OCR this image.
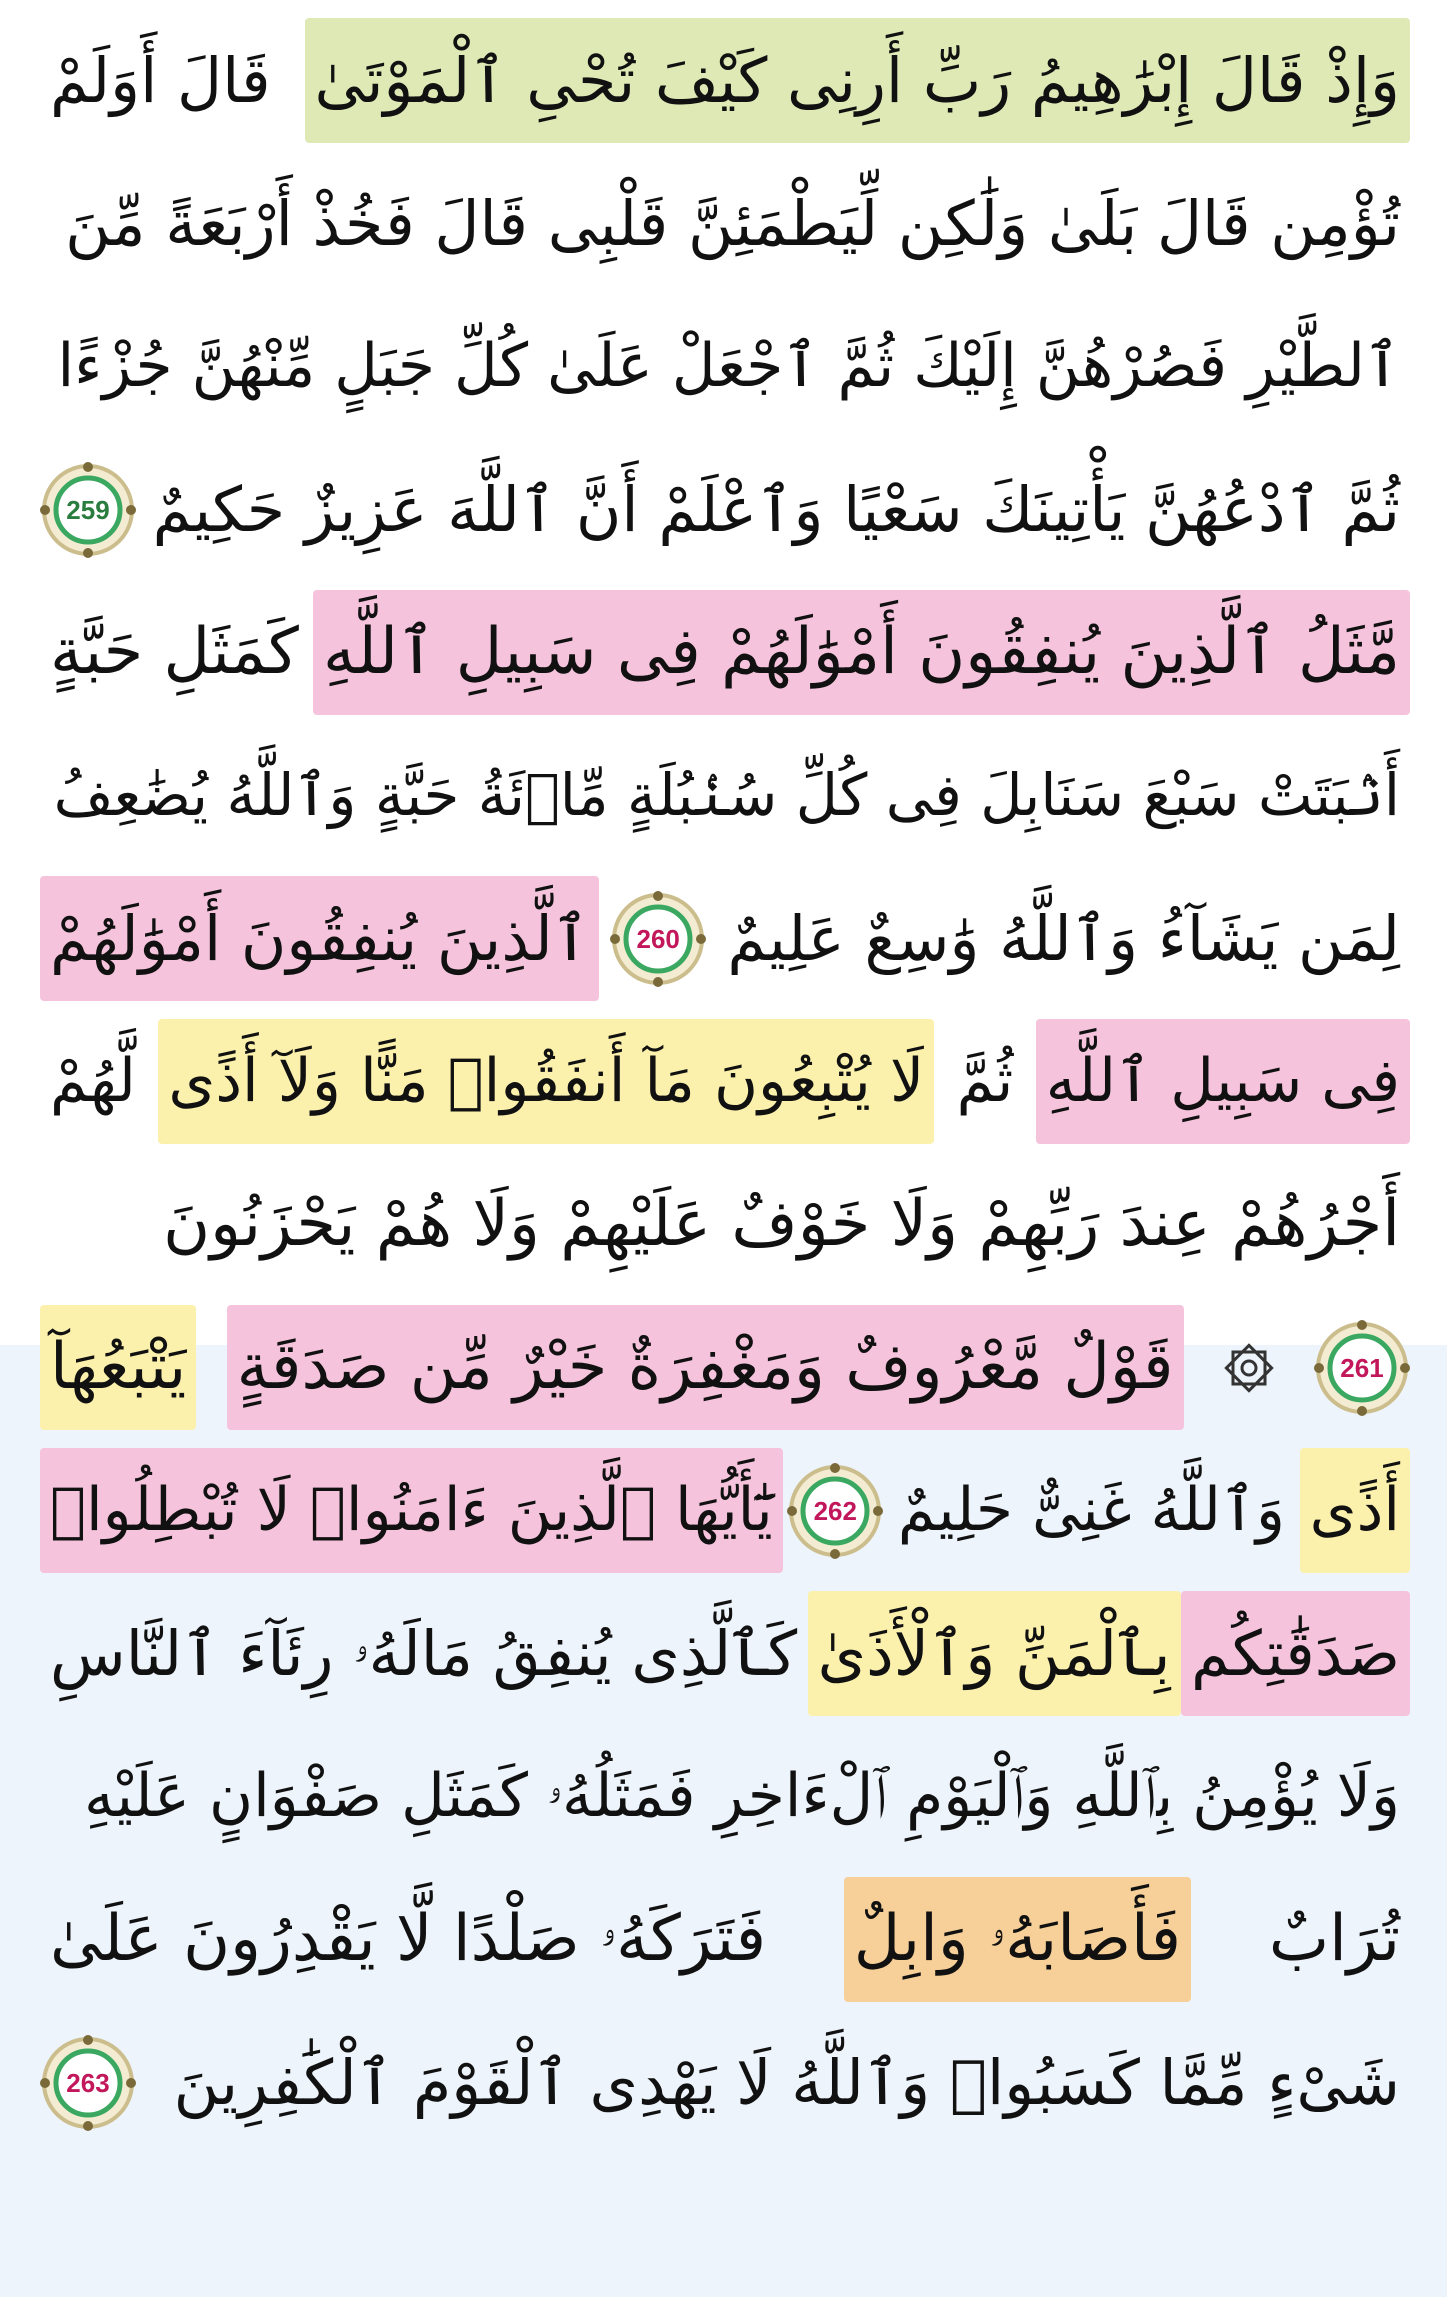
وَإِذْ قَالَ إِبْرَٰهِيمُ رَبِّ أَرِنِى كَيْفَ تُحْىِ ٱلْمَوْتَىٰ
قَالَ أَوَلَمْ
تُؤْمِن قَالَ بَلَىٰ وَلَٰكِن لِّيَطْمَئِنَّ قَلْبِى قَالَ فَخُذْ أَرْبَعَةً مِّنَ
ٱلطَّيْرِ فَصُرْهُنَّ إِلَيْكَ ثُمَّ ٱجْعَلْ عَلَىٰ كُلِّ جَبَلٍ مِّنْهُنَّ جُزْءًا
ثُمَّ ٱدْعُهُنَّ يَأْتِينَكَ سَعْيًا وَٱعْلَمْ أَنَّ ٱللَّهَ عَزِيزٌ حَكِيمٌ
259
مَّثَلُ ٱلَّذِينَ يُنفِقُونَ أَمْوَٰلَهُمْ فِى سَبِيلِ ٱللَّهِ
كَمَثَلِ حَبَّةٍ
أَنۢبَتَتْ سَبْعَ سَنَابِلَ فِى كُلِّ سُنۢبُلَةٍ مِّا۟ئَةُ حَبَّةٍ وَٱللَّهُ يُضَٰعِفُ
لِمَن يَشَآءُ وَٱللَّهُ وَٰسِعٌ عَلِيمٌ
260
ٱلَّذِينَ يُنفِقُونَ أَمْوَٰلَهُمْ
فِى سَبِيلِ ٱللَّهِ
ثُمَّ
لَا يُتْبِعُونَ مَآ أَنفَقُوا۟ مَنًّا وَلَآ أَذًى
لَّهُمْ
أَجْرُهُمْ عِندَ رَبِّهِمْ وَلَا خَوْفٌ عَلَيْهِمْ وَلَا هُمْ يَحْزَنُونَ
261
قَوْلٌ مَّعْرُوفٌ وَمَغْفِرَةٌ خَيْرٌ مِّن صَدَقَةٍ
يَتْبَعُهَآ
أَذًى
وَٱللَّهُ غَنِىٌّ حَلِيمٌ
262
يَٰٓأَيُّهَا ٱلَّذِينَ ءَامَنُوا۟ لَا تُبْطِلُوا۟
صَدَقَٰتِكُم
بِٱلْمَنِّ وَٱلْأَذَىٰ
كَٱلَّذِى يُنفِقُ مَالَهُۥ رِئَآءَ ٱلنَّاسِ
وَلَا يُؤْمِنُ بِٱللَّهِ وَٱلْيَوْمِ ٱلْءَاخِرِ فَمَثَلُهُۥ كَمَثَلِ صَفْوَانٍ عَلَيْهِ
تُرَابٌ
فَأَصَابَهُۥ وَابِلٌ
فَتَرَكَهُۥ صَلْدًا لَّا يَقْدِرُونَ عَلَىٰ
شَىْءٍ مِّمَّا كَسَبُوا۟ وَٱللَّهُ لَا يَهْدِى ٱلْقَوْمَ ٱلْكَٰفِرِينَ
263
